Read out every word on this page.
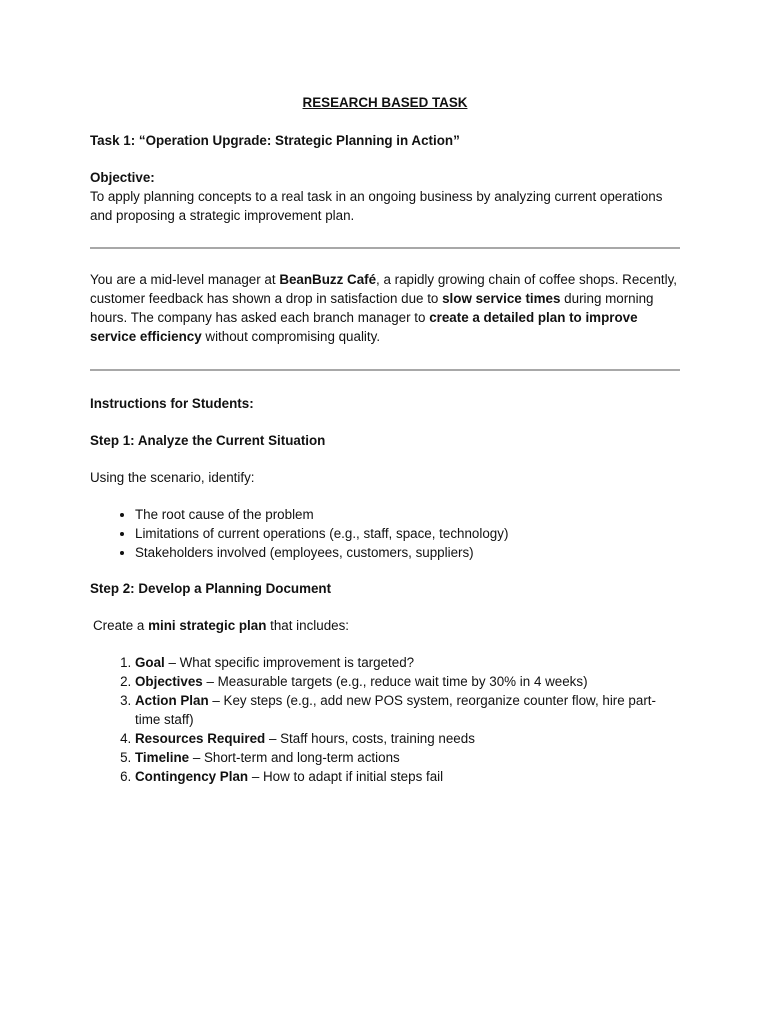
RESEARCH BASED TASK

Task 1: “Operation Upgrade: Strategic Planning in Action”

Objective:

To apply planning concepts to a real task in an ongoing business by analyzing current operations and proposing a strategic improvement plan.

You are a mid-level manager at BeanBuzz Café, a rapidly growing chain of coffee shops. Recently, customer feedback has shown a drop in satisfaction due to slow service times during morning hours. The company has asked each branch manager to create a detailed plan to improve service efficiency without compromising quality.

Instructions for Students:

Step 1: Analyze the Current Situation

Using the scenario, identify:

• The root cause of the problem
• Limitations of current operations (e.g., staff, space, technology)
• Stakeholders involved (employees, customers, suppliers)

Step 2: Develop a Planning Document

Create a mini strategic plan that includes:

1. Goal – What specific improvement is targeted?
2. Objectives – Measurable targets (e.g., reduce wait time by 30% in 4 weeks)
3. Action Plan – Key steps (e.g., add new POS system, reorganize counter flow, hire part-time staff)
4. Resources Required – Staff hours, costs, training needs
5. Timeline – Short-term and long-term actions
6. Contingency Plan – How to adapt if initial steps fail
